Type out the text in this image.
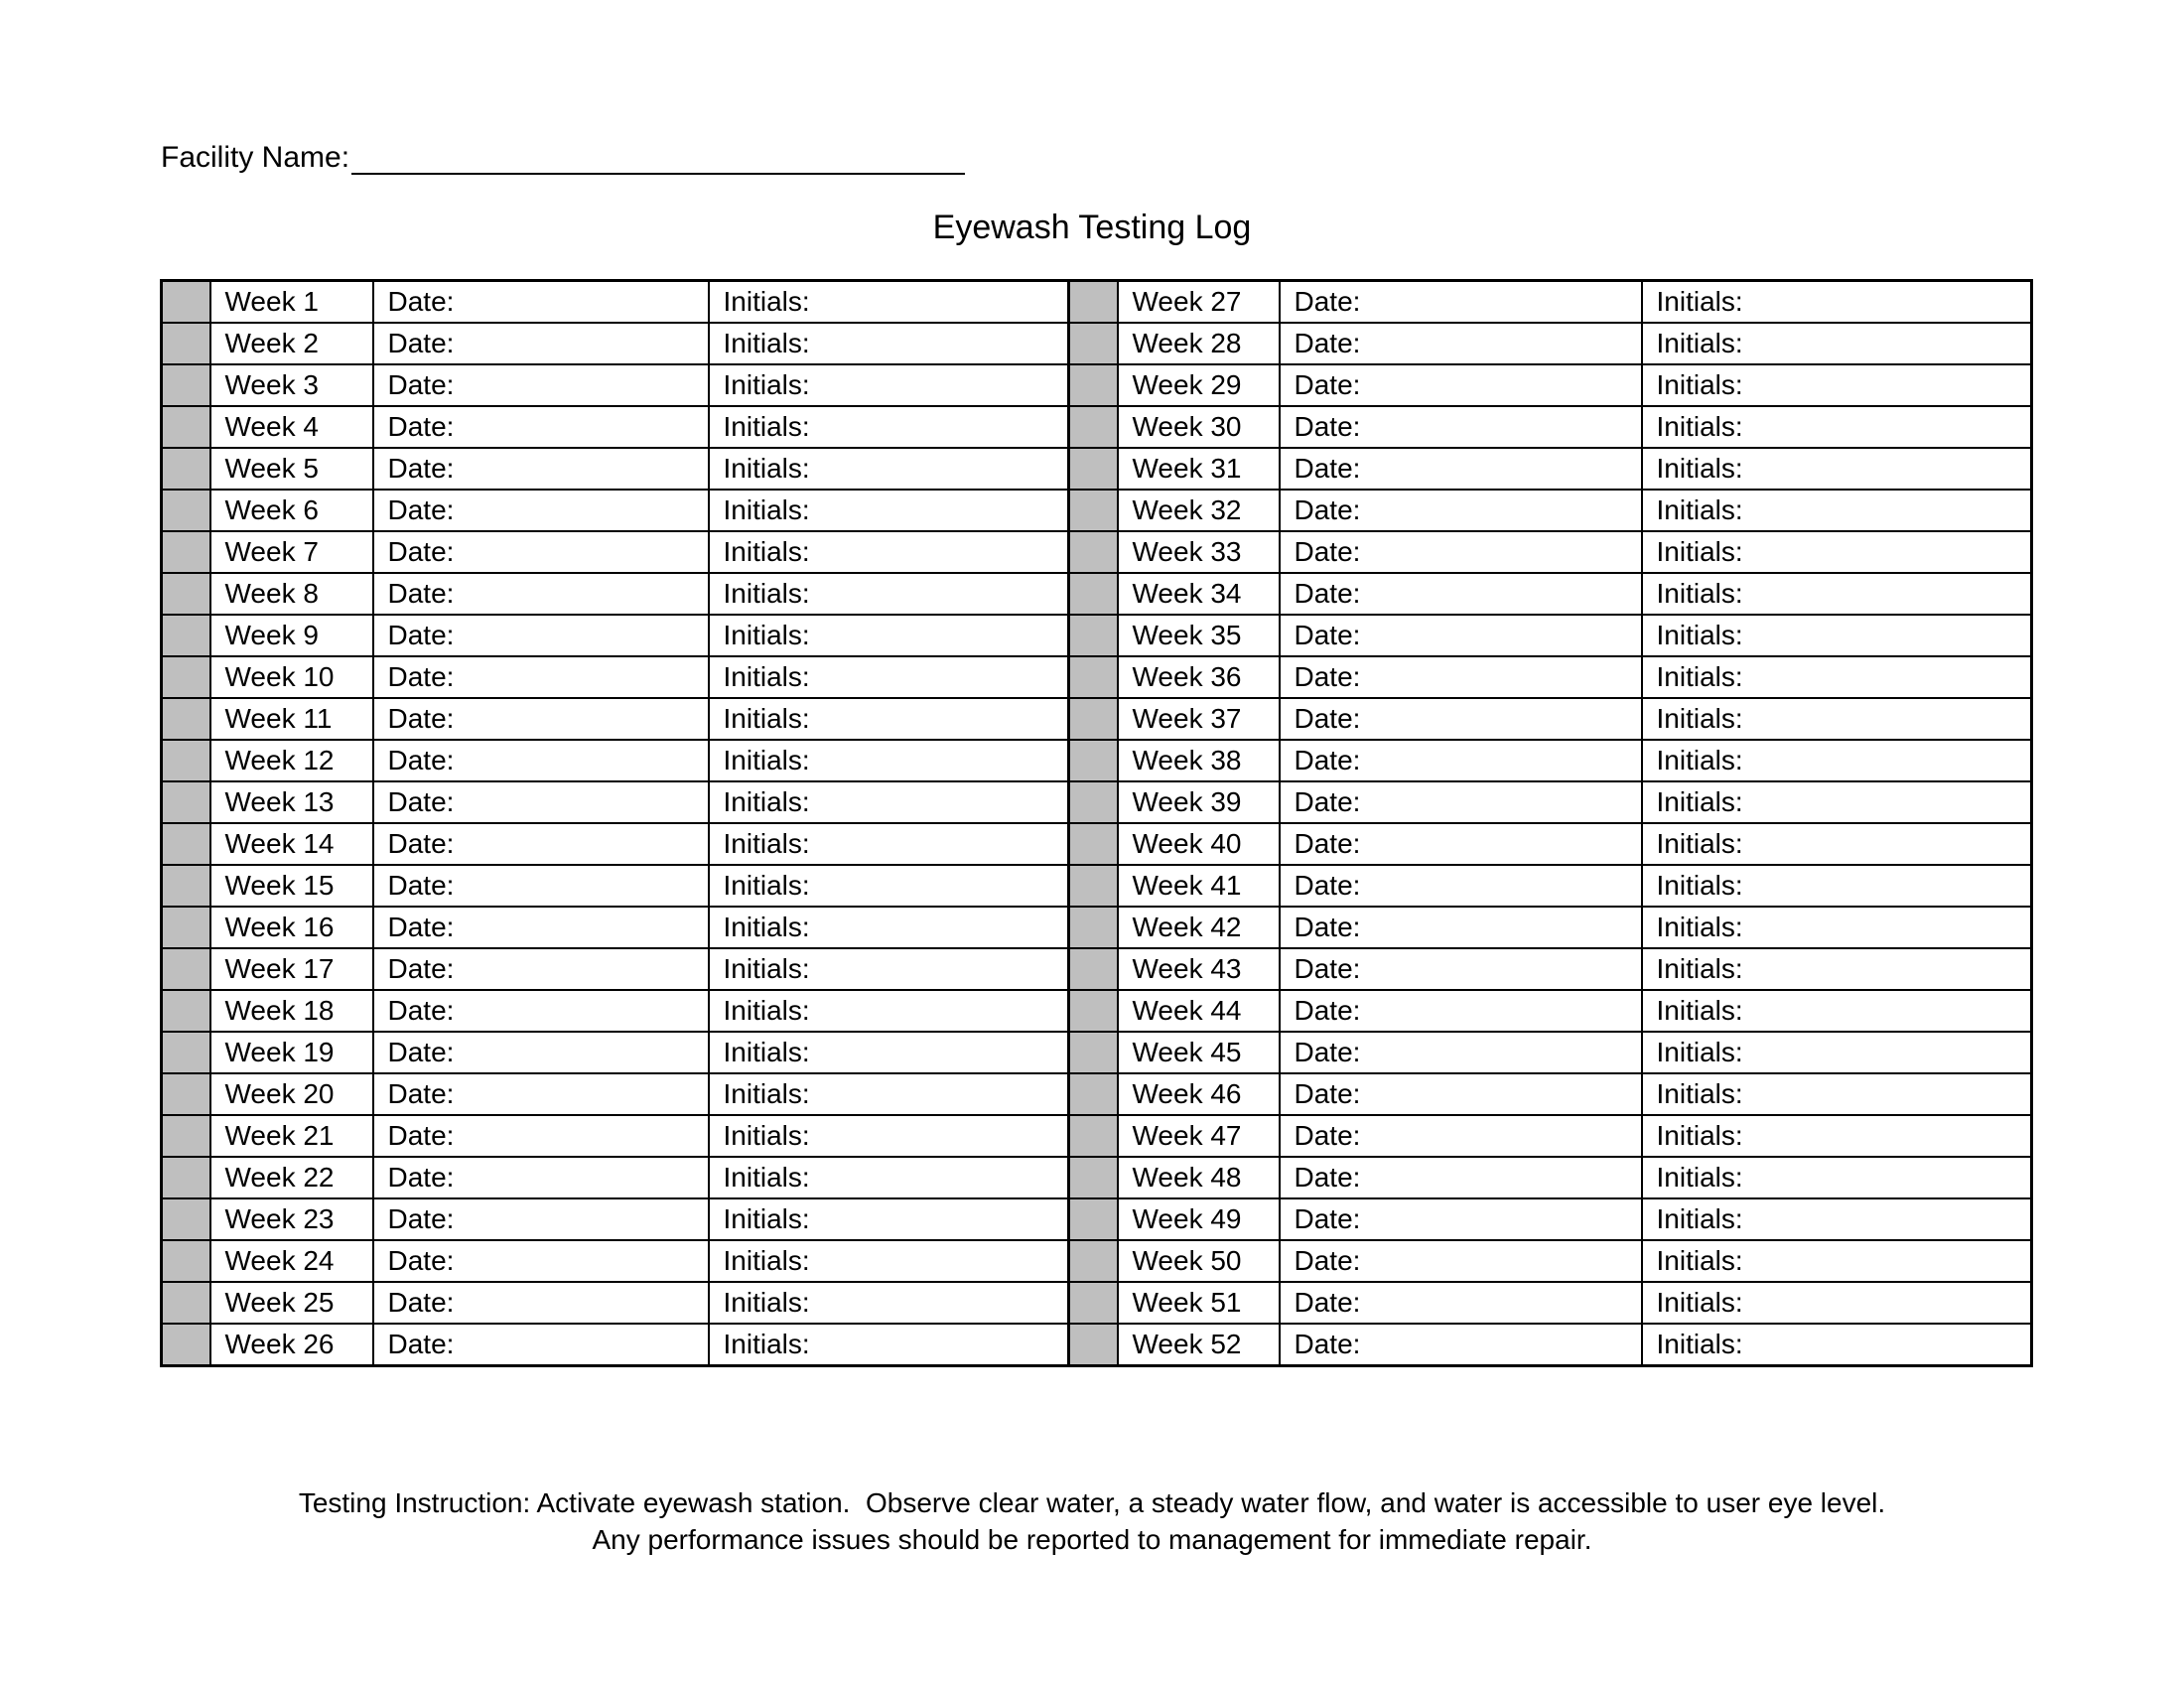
Facility Name:
Eyewash Testing Log
	Week 1	Date:	Initials:		Week 27	Date:	Initials:
	Week 2	Date:	Initials:		Week 28	Date:	Initials:
	Week 3	Date:	Initials:		Week 29	Date:	Initials:
	Week 4	Date:	Initials:		Week 30	Date:	Initials:
	Week 5	Date:	Initials:		Week 31	Date:	Initials:
	Week 6	Date:	Initials:		Week 32	Date:	Initials:
	Week 7	Date:	Initials:		Week 33	Date:	Initials:
	Week 8	Date:	Initials:		Week 34	Date:	Initials:
	Week 9	Date:	Initials:		Week 35	Date:	Initials:
	Week 10	Date:	Initials:		Week 36	Date:	Initials:
	Week 11	Date:	Initials:		Week 37	Date:	Initials:
	Week 12	Date:	Initials:		Week 38	Date:	Initials:
	Week 13	Date:	Initials:		Week 39	Date:	Initials:
	Week 14	Date:	Initials:		Week 40	Date:	Initials:
	Week 15	Date:	Initials:		Week 41	Date:	Initials:
	Week 16	Date:	Initials:		Week 42	Date:	Initials:
	Week 17	Date:	Initials:		Week 43	Date:	Initials:
	Week 18	Date:	Initials:		Week 44	Date:	Initials:
	Week 19	Date:	Initials:		Week 45	Date:	Initials:
	Week 20	Date:	Initials:		Week 46	Date:	Initials:
	Week 21	Date:	Initials:		Week 47	Date:	Initials:
	Week 22	Date:	Initials:		Week 48	Date:	Initials:
	Week 23	Date:	Initials:		Week 49	Date:	Initials:
	Week 24	Date:	Initials:		Week 50	Date:	Initials:
	Week 25	Date:	Initials:		Week 51	Date:	Initials:
	Week 26	Date:	Initials:		Week 52	Date:	Initials:
Testing Instruction: Activate eyewash station.  Observe clear water, a steady water flow, and water is accessible to user eye level.
Any performance issues should be reported to management for immediate repair.
